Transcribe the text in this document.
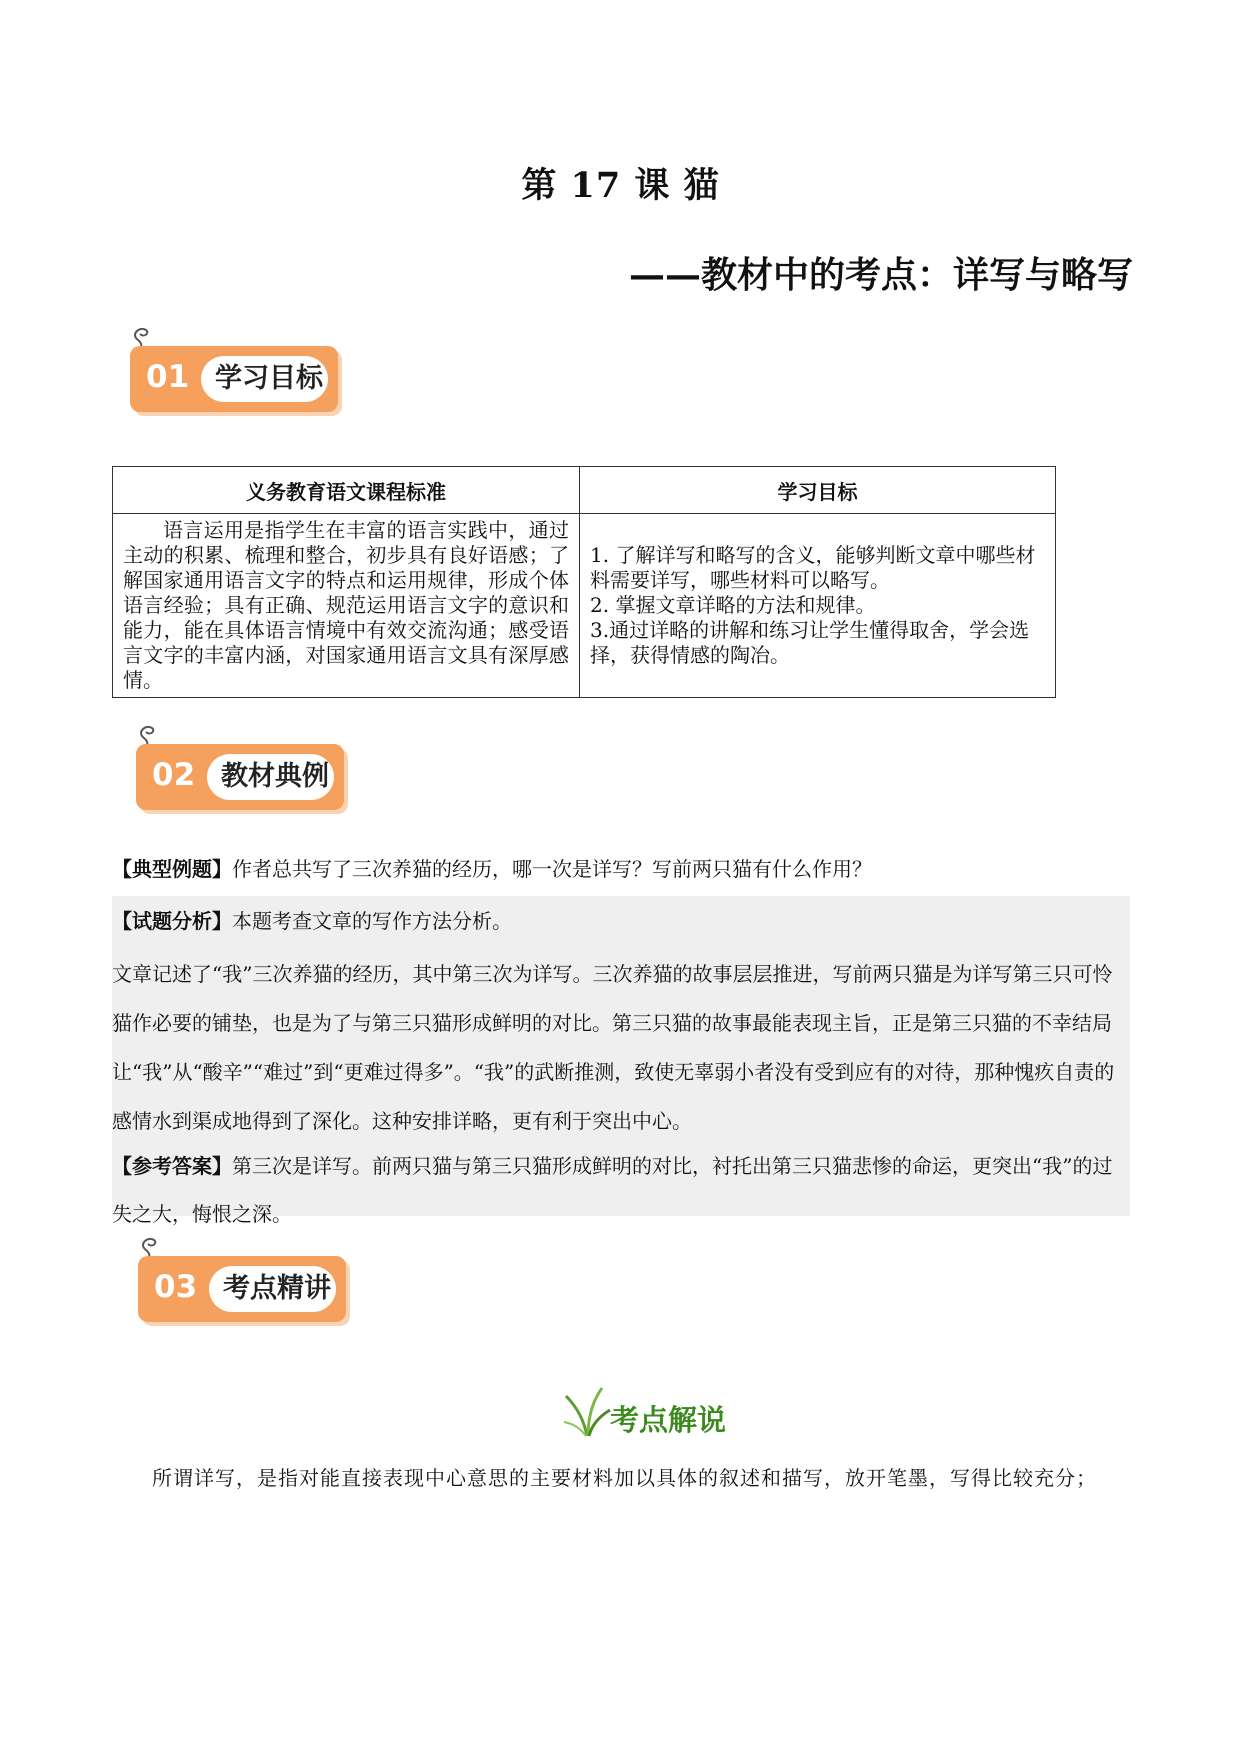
第 17 课 猫
——教材中的考点：详写与略写
01 学习目标
义务教育语文课程标准	学习目标
语言运用是指学生在丰富的语言实践中，通过主动的积累、梳理和整合，初步具有良好语感；了解国家通用语言文字的特点和运用规律，形成个体语言经验；具有正确、规范运用语言文字的意识和能力，能在具体语言情境中有效交流沟通；感受语言文字的丰富内涵，对国家通用语言文具有深厚感情。	1. 了解详写和略写的含义，能够判断文章中哪些材料需要详写，哪些材料可以略写。
2. 掌握文章详略的方法和规律。
3.通过详略的讲解和练习让学生懂得取舍，学会选择，获得情感的陶冶。
02 教材典例
【典型例题】作者总共写了三次养猫的经历，哪一次是详写？写前两只猫有什么作用？
【试题分析】本题考查文章的写作方法分析。
文章记述了“我”三次养猫的经历，其中第三次为详写。三次养猫的故事层层推进，写前两只猫是为详写第三只可怜猫作必要的铺垫，也是为了与第三只猫形成鲜明的对比。第三只猫的故事最能表现主旨，正是第三只猫的不幸结局让“我”从“酸辛”“难过”到“更难过得多”。“我”的武断推测，致使无辜弱小者没有受到应有的对待，那种愧疚自责的感情水到渠成地得到了深化。这种安排详略，更有利于突出中心。
【参考答案】第三次是详写。前两只猫与第三只猫形成鲜明的对比，衬托出第三只猫悲惨的命运，更突出“我”的过失之大，悔恨之深。
03 考点精讲
考点解说
所谓详写，是指对能直接表现中心意思的主要材料加以具体的叙述和描写，放开笔墨，写得比较充分；
